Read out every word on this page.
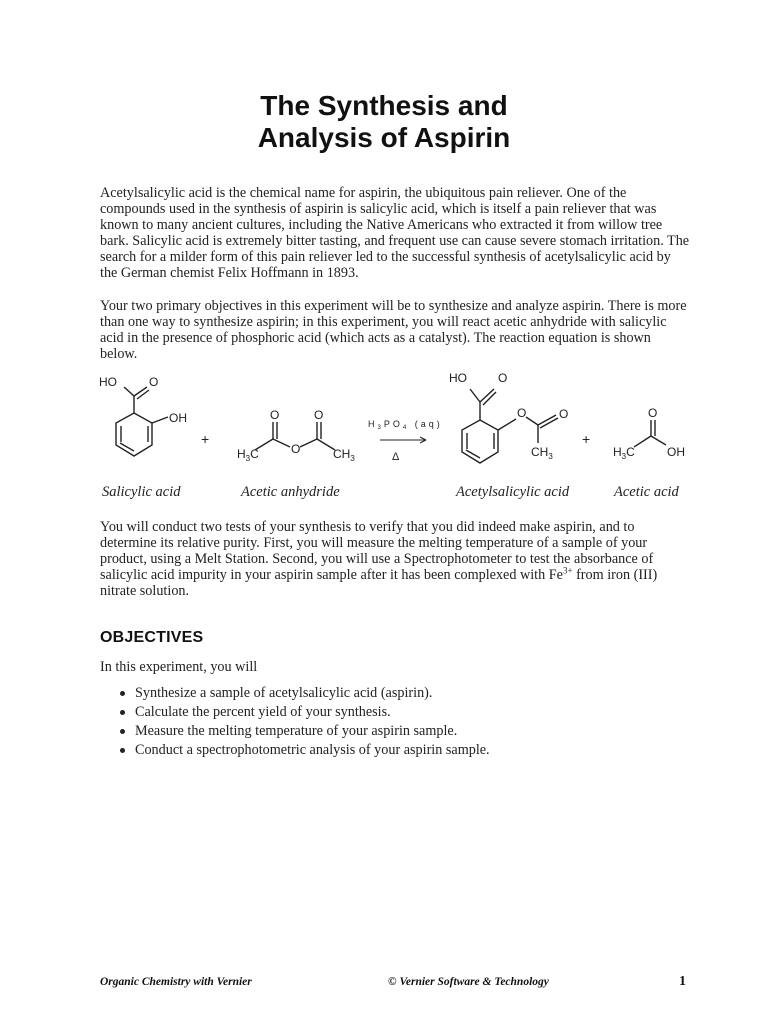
The Synthesis and
Analysis of Aspirin

Acetylsalicylic acid is the chemical name for aspirin, the ubiquitous pain reliever. One of the compounds used in the synthesis of aspirin is salicylic acid, which is itself a pain reliever that was known to many ancient cultures, including the Native Americans who extracted it from willow tree bark. Salicylic acid is extremely bitter tasting, and frequent use can cause severe stomach irritation. The search for a milder form of this pain reliever led to the successful synthesis of acetylsalicylic acid by the German chemist Felix Hoffmann in 1893.

Your two primary objectives in this experiment will be to synthesize and analyze aspirin. There is more than one way to synthesize aspirin; in this experiment, you will react acetic anhydride with salicylic acid in the presence of phosphoric acid (which acts as a catalyst). The reaction equation is shown below.

HO	O
OH
+
O	O
O
$H_3C$	$CH_3$
$H_3PO_4$ (aq)
Δ
HO	O
O	O
$CH_3$
+
O
$H_3C$	OH

Salicylic acid	Acetic anhydride	Acetylsalicylic acid	Acetic acid

You will conduct two tests of your synthesis to verify that you did indeed make aspirin, and to determine its relative purity. First, you will measure the melting temperature of a sample of your product, using a Melt Station. Second, you will use a Spectrophotometer to test the absorbance of salicylic acid impurity in your aspirin sample after it has been complexed with $Fe^{3+}$ from iron (III) nitrate solution.

OBJECTIVES

In this experiment, you will

Synthesize a sample of acetylsalicylic acid (aspirin).
Calculate the percent yield of your synthesis.
Measure the melting temperature of your aspirin sample.
Conduct a spectrophotometric analysis of your aspirin sample.

Organic Chemistry with Vernier	© Vernier Software & Technology	1
